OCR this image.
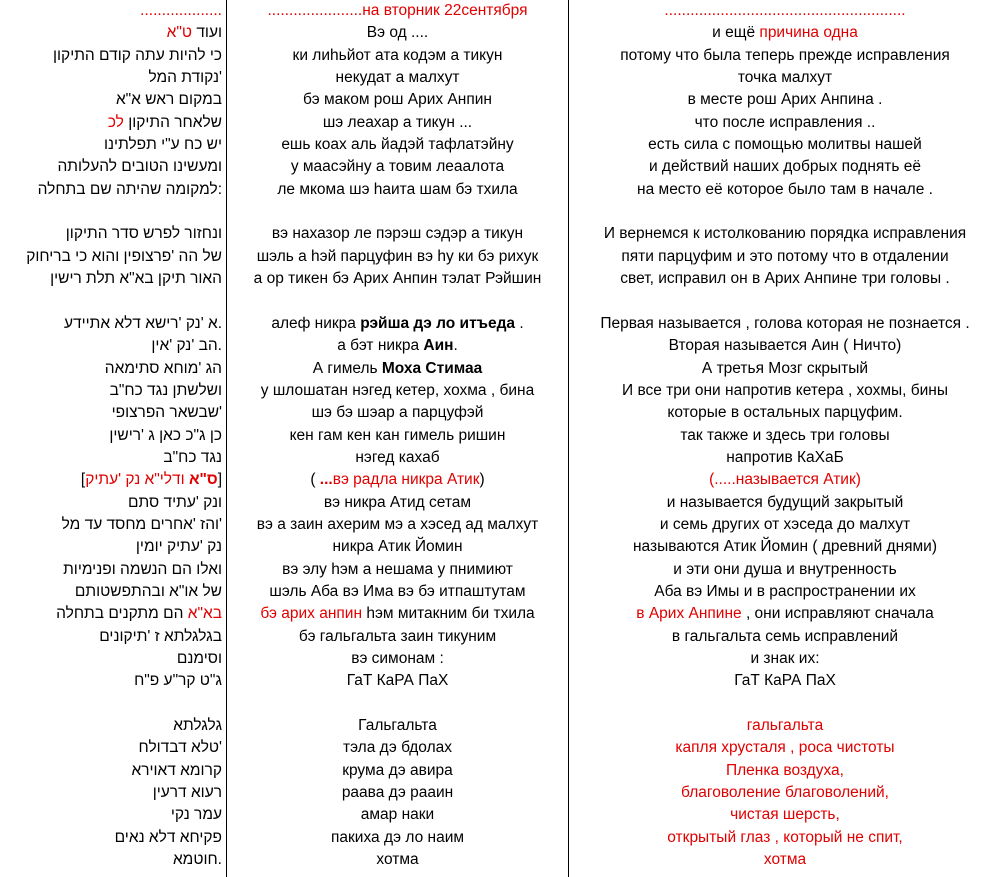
...................
ועוד ט"א
כי להיות עתה קודם התיקון
'נקודת המל
במקום ראש א"א
שלאחר התיקון לכ
יש כח ע"י תפלתינו
ומעשינו הטובים להעלותה
:למקומה שהיתה שם בתחלה

ונחזור לפרש סדר התיקון
של הה 'פרצופין והוא כי בריחוק
האור תיקן בא"א תלת רישין

.א 'נק 'רישא דלא אתיידע
.הב 'נק 'אין
הג 'מוחא סתימאה
ושלשתן נגד כח"ב
'שבשאר הפרצופי
כן ג"כ כאן ג 'רישין
נגד כח"ב
[ס"א ודלי"א נק 'עתיק]
ונק 'עתיד סתם
'והז 'אחרים מחסד עד מל
נק 'עתיק יומין
ואלו הם הנשמה ופנימיות
של או"א ובהתפשטותם
בא"א הם מתקנים בתחלה
בגלגלתא ז 'תיקונים
וסימנם
ג"ט קר"ע פ"ח

גלגלתא
'טלא דבדולח
קרומא דאוירא
רעוא דרעין
עמר נקי
פקיחא דלא נאים
.חוטמא
......................на вторник 22сентября
Вэ од ....
ки лиһьйот ата кодэм а тикун
некудат а малхут
бэ маком рош Арих Анпин
шэ леахар а тикун ...
ешь коах аль йадэй тафлатэйну
у маасэйну а товим леаалота
ле мкома шэ һаита шам бэ тхила

вэ нахазор ле пэрэш сэдэр а тикун
шэль а һэй парцуфин вэ һу ки бэ рихук
а ор тикен бэ Арих Анпин тэлат Рэйшин

алеф никра рэйша дэ ло итъеда .
а бэт никра Аин.
А гимель Моха Стимаа
у шлошатан нэгед кетер, хохма , бина
шэ бэ шэар а парцуфэй
кен гам кен кан гимель ришин
нэгед кахаб
( ...вэ радла никра Атик)
вэ никра Атид сетам
вэ а заин ахерим мэ а хэсед ад малхут
никра Атик Йомин
вэ элу һэм а нешама у пнимиют
шэль Аба вэ Има вэ бэ итпаштутам
бэ арих анпин һэм митакним би тхила
бэ гальгальта заин тикуним
вэ симонам :
ГаТ КаРА ПаХ

Гальгальта
тэла дэ бдолах
крума дэ авира
раава дэ рааин
амар наки
пакиха дэ ло наим
хотма
........................................................
и ещё причина одна
потому что была теперь прежде исправления
точка малхут
в месте рош Арих Анпина .
что после исправления ..
есть сила с помощью молитвы нашей
и действий наших добрых поднять её
на место её которое было там в начале .

И вернемся к истолкованию порядка исправления
пяти парцуфим и это потому что в отдалении
свет, исправил он в Арих Анпине три головы .

Первая называется , голова которая не познается .
Вторая называется Аин ( Ничто)
А третья Мозг скрытый
И все три они напротив кетера , хохмы, бины
которые в остальных парцуфим.
так также и здесь три головы
напротив КаХаБ
(.....называется Атик)
и называется будущий закрытый
и семь других от хэседа до малхут
называются Атик Йомин ( древний днями)
и эти они душа и внутренность
Аба вэ Имы и в распространении их
в Арих Анпине , они исправляют сначала
в гальгальта семь исправлений
и знак их:
ГаТ КаРА ПаХ

гальгальта
капля хрусталя , роса чистоты
Пленка воздуха,
благоволение благоволений,
чистая шерсть,
открытый глаз , который не спит,
хотма
